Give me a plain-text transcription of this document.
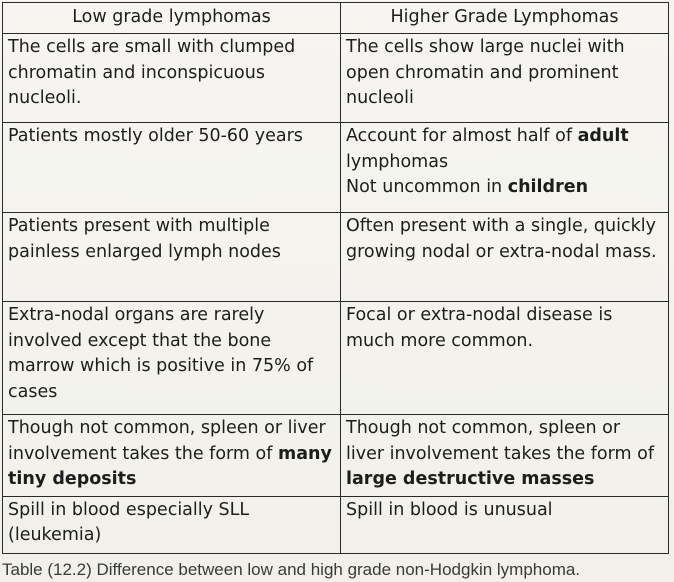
Low grade lymphomas	Higher Grade Lymphomas

The cells are small with clumped chromatin and inconspicuous nucleoli.	The cells show large nuclei with open chromatin and prominent nucleoli

Patients mostly older 50-60 years	Account for almost half of adult lymphomas
Not uncommon in children

Patients present with multiple painless enlarged lymph nodes	Often present with a single, quickly growing nodal or extra-nodal mass.

Extra-nodal organs are rarely involved except that the bone marrow which is positive in 75% of cases	Focal or extra-nodal disease is much more common.

Though not common, spleen or liver involvement takes the form of many tiny deposits	Though not common, spleen or liver involvement takes the form of large destructive masses

Spill in blood especially SLL (leukemia)	Spill in blood is unusual
Table (12.2) Difference between low and high grade non-Hodgkin lymphoma.
